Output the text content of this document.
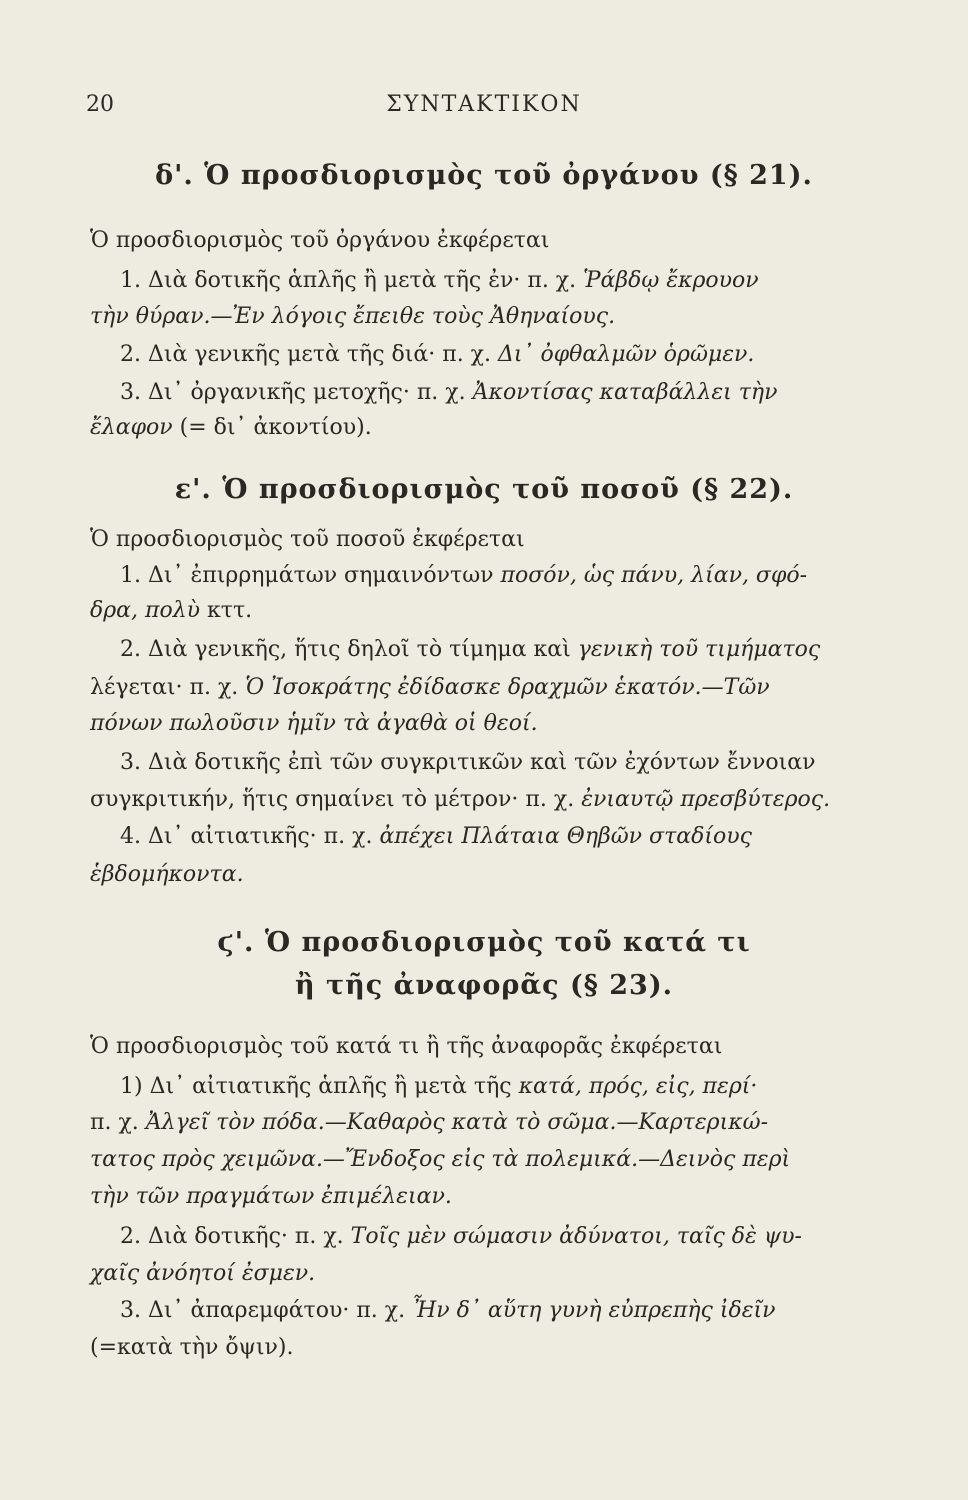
20	ΣΥΝΤΑΚΤΙΚΟΝ
δ'. Ὁ προσδιορισμὸς τοῦ ὀργάνου (§ 21).
Ὁ προσδιορισμὸς τοῦ ὀργάνου ἐκφέρεται
1. Διὰ δοτικῆς ἁπλῆς ἢ μετὰ τῆς ἐν· π. χ. Ῥάβδῳ ἔκρουον
τὴν θύραν.—Ἐν λόγοις ἔπειθε τοὺς Ἀθηναίους.
2. Διὰ γενικῆς μετὰ τῆς διά· π. χ. Δι᾽ ὀφθαλμῶν ὁρῶμεν.
3. Δι᾽ ὀργανικῆς μετοχῆς· π. χ. Ἀκοντίσας καταβάλλει τὴν
ἔλαφον (= δι᾽ ἀκοντίου).
ε'. Ὁ προσδιορισμὸς τοῦ ποσοῦ (§ 22).
Ὁ προσδιορισμὸς τοῦ ποσοῦ ἐκφέρεται
1. Δι᾽ ἐπιρρημάτων σημαινόντων ποσόν, ὡς πάνυ, λίαν, σφό-
δρα, πολὺ κττ.
2. Διὰ γενικῆς, ἥτις δηλοῖ τὸ τίμημα καὶ γενικὴ τοῦ τιμήματος
λέγεται· π. χ. Ὁ Ἰσοκράτης ἐδίδασκε δραχμῶν ἑκατόν.—Τῶν
πόνων πωλοῦσιν ἡμῖν τὰ ἀγαθὰ οἱ θεοί.
3. Διὰ δοτικῆς ἐπὶ τῶν συγκριτικῶν καὶ τῶν ἐχόντων ἔννοιαν
συγκριτικήν, ἥτις σημαίνει τὸ μέτρον· π. χ. ἐνιαυτῷ πρεσβύτερος.
4. Δι᾽ αἰτιατικῆς· π. χ. ἀπέχει Πλάταια Θηβῶν σταδίους
ἑβδομήκοντα.
ϛ'. Ὁ προσδιορισμὸς τοῦ κατά τι
ἢ τῆς ἀναφορᾶς (§ 23).
Ὁ προσδιορισμὸς τοῦ κατά τι ἢ τῆς ἀναφορᾶς ἐκφέρεται
1) Δι᾽ αἰτιατικῆς ἁπλῆς ἢ μετὰ τῆς κατά, πρός, εἰς, περί·
π. χ. Ἀλγεῖ τὸν πόδα.—Καθαρὸς κατὰ τὸ σῶμα.—Καρτερικώ-
τατος πρὸς χειμῶνα.—Ἔνδοξος εἰς τὰ πολεμικά.—Δεινὸς περὶ
τὴν τῶν πραγμάτων ἐπιμέλειαν.
2. Διὰ δοτικῆς· π. χ. Τοῖς μὲν σώμασιν ἀδύνατοι, ταῖς δὲ ψυ-
χαῖς ἀνόητοί ἐσμεν.
3. Δι᾽ ἀπαρεμφάτου· π. χ. Ἦν δ᾽ αὕτη γυνὴ εὐπρεπὴς ἰδεῖν
(=κατὰ τὴν ὄψιν).
